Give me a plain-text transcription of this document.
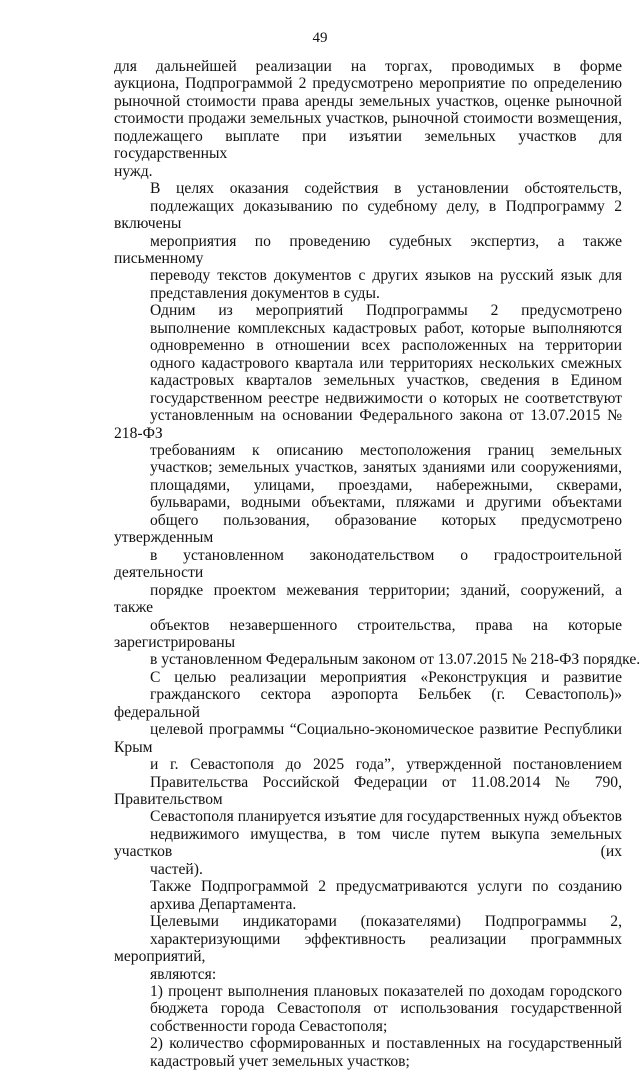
49

для дальнейшей реализации на торгах, проводимых в форме
аукциона, Подпрограммой 2 предусмотрено мероприятие по определению
рыночной стоимости права аренды земельных участков, оценке рыночной
стоимости продажи земельных участков, рыночной стоимости возмещения,
подлежащего выплате при изъятии земельных участков для государственных
нужд.

В целях оказания содействия в установлении обстоятельств,
подлежащих доказыванию по судебному делу, в Подпрограмму 2 включены
мероприятия по проведению судебных экспертиз, а также письменному
переводу текстов документов с других языков на русский язык для
представления документов в суды.

Одним из мероприятий Подпрограммы 2 предусмотрено
выполнение комплексных кадастровых работ, которые выполняются
одновременно в отношении всех расположенных на территории
одного кадастрового квартала или территориях нескольких смежных
кадастровых кварталов земельных участков, сведения в Едином
государственном реестре недвижимости о которых не соответствуют
установленным на основании Федерального закона от 13.07.2015 № 218-ФЗ
требованиям к описанию местоположения границ земельных
участков; земельных участков, занятых зданиями или сооружениями,
площадями, улицами, проездами, набережными, скверами,
бульварами, водными объектами, пляжами и другими объектами
общего пользования, образование которых предусмотрено утвержденным
в установленном законодательством о градостроительной деятельности
порядке проектом межевания территории; зданий, сооружений, а также
объектов незавершенного строительства, права на которые зарегистрированы
в установленном Федеральным законом от 13.07.2015 № 218-ФЗ порядке.

С целью реализации мероприятия «Реконструкция и развитие
гражданского сектора аэропорта Бельбек (г. Севастополь)» федеральной
целевой программы “Социально-экономическое развитие Республики Крым
и г. Севастополя до 2025 года”, утвержденной постановлением
Правительства Российской Федерации от 11.08.2014 № 790, Правительством
Севастополя планируется изъятие для государственных нужд объектов
недвижимого имущества, в том числе путем выкупа земельных участков (их
частей).

Также Подпрограммой 2 предусматриваются услуги по созданию
архива Департамента.

Целевыми индикаторами (показателями) Подпрограммы 2,
характеризующими эффективность реализации программных мероприятий,
являются:

1) процент выполнения плановых показателей по доходам городского
бюджета города Севастополя от использования государственной
собственности города Севастополя;

2) количество сформированных и поставленных на государственный
кадастровый учет земельных участков;
